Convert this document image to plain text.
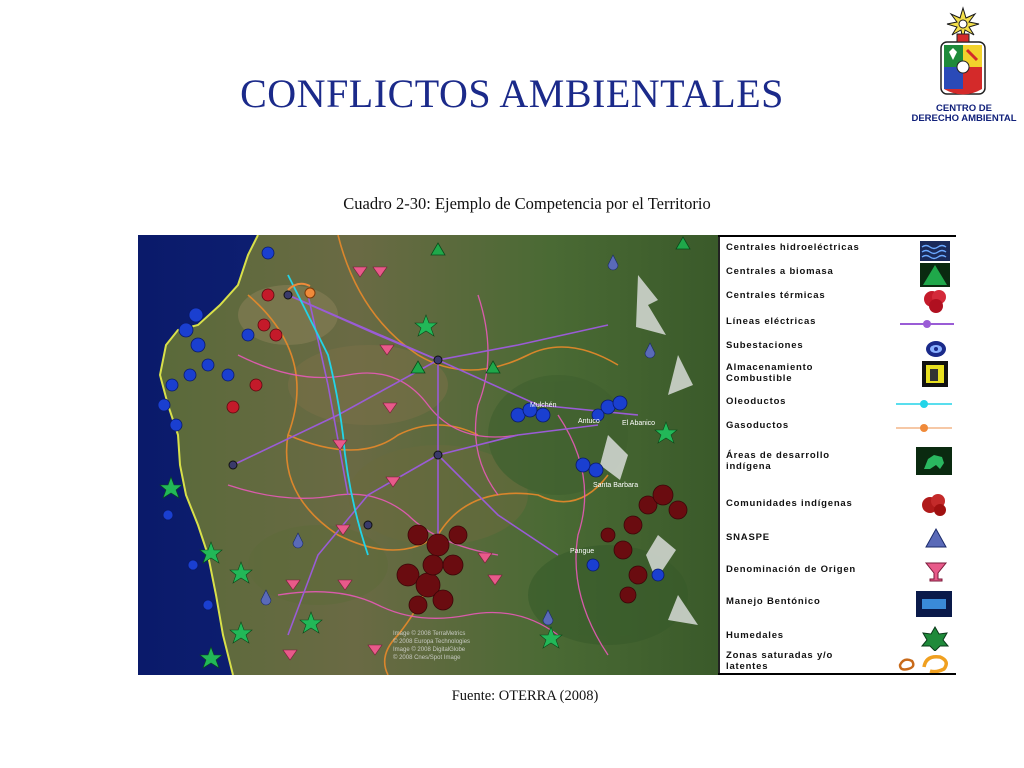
CONFLICTOS AMBIENTALES	CENTRO DE
DERECHO AMBIENTAL
Cuadro 2-30: Ejemplo de Competencia por el Territorio
Pangue
El Abanico
Antuco
Santa Barbara
Mulchén
Image © 2008 TerraMetrics
© 2008 Europa Technologies
Image © 2008 DigitalGlobe
© 2008 Cnes/Spot Image
Centrales hidroeléctricas
Centrales a biomasa
Centrales térmicas
Líneas eléctricas
Subestaciones
Almacenamiento Combustible
Oleoductos
Gasoductos
Áreas de desarrollo indígena
Comunidades indígenas
SNASPE
Denominación de Origen
Manejo Bentónico
Humedales
Zonas saturadas y/o latentes
Fuente: OTERRA (2008)
